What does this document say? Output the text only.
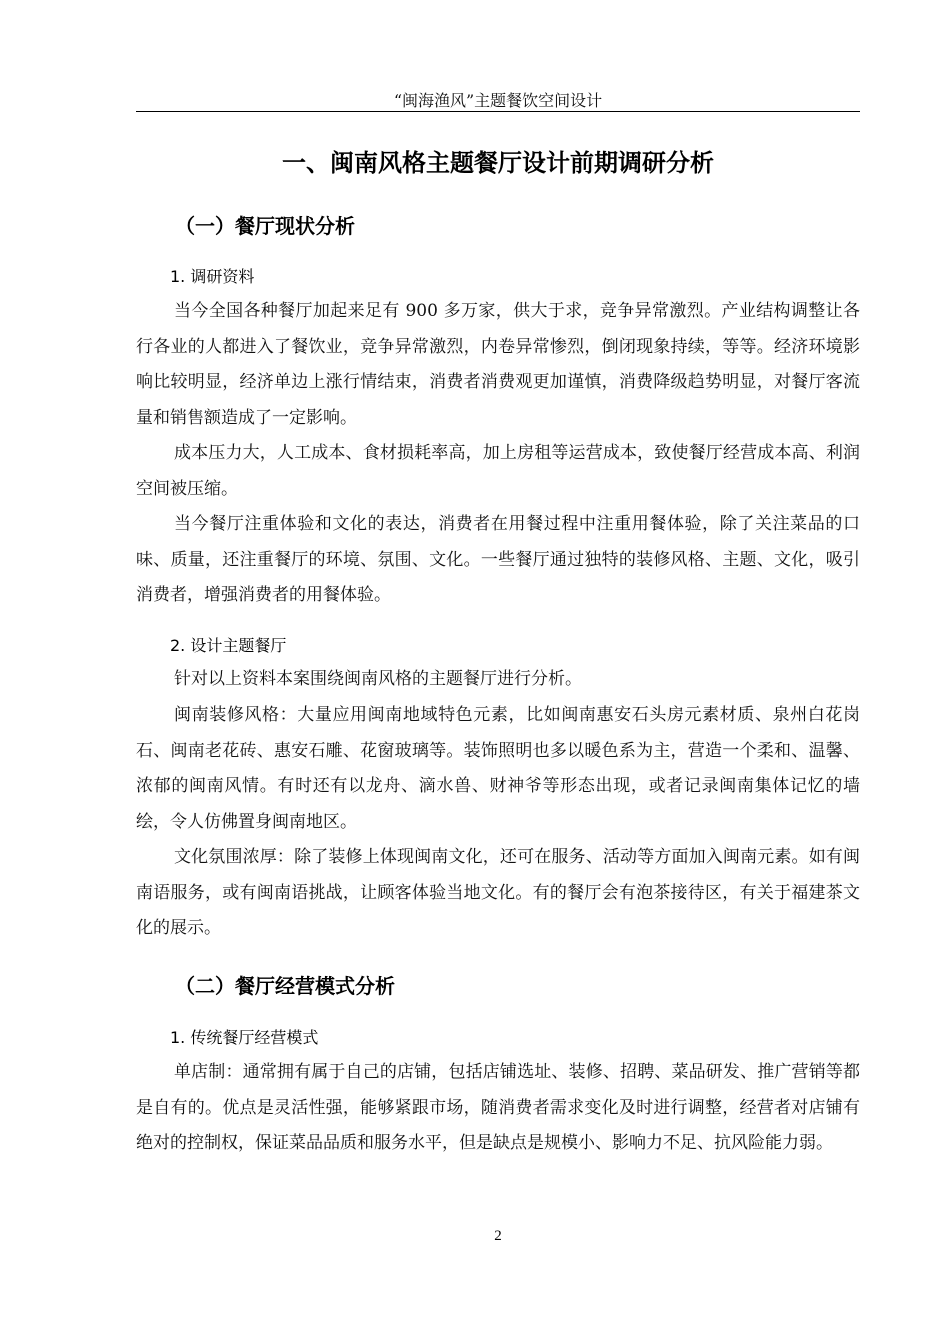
“闽海渔风”主题餐饮空间设计
一、闽南风格主题餐厅设计前期调研分析
（一）餐厅现状分析
1. 调研资料

当今全国各种餐厅加起来足有 900 多万家，供大于求，竞争异常激烈。产业结构调整让各行各业的人都进入了餐饮业，竞争异常激烈，内卷异常惨烈，倒闭现象持续，等等。经济环境影响比较明显，经济单边上涨行情结束，消费者消费观更加谨慎，消费降级趋势明显，对餐厅客流量和销售额造成了一定影响。

成本压力大，人工成本、食材损耗率高，加上房租等运营成本，致使餐厅经营成本高、利润空间被压缩。

当今餐厅注重体验和文化的表达，消费者在用餐过程中注重用餐体验，除了关注菜品的口味、质量，还注重餐厅的环境、氛围、文化。一些餐厅通过独特的装修风格、主题、文化，吸引消费者，增强消费者的用餐体验。

2. 设计主题餐厅

针对以上资料本案围绕闽南风格的主题餐厅进行分析。

闽南装修风格：大量应用闽南地域特色元素，比如闽南惠安石头房元素材质、泉州白花岗石、闽南老花砖、惠安石雕、花窗玻璃等。装饰照明也多以暖色系为主，营造一个柔和、温馨、浓郁的闽南风情。有时还有以龙舟、滴水兽、财神爷等形态出现，或者记录闽南集体记忆的墙绘，令人仿佛置身闽南地区。

文化氛围浓厚：除了装修上体现闽南文化，还可在服务、活动等方面加入闽南元素。如有闽南语服务，或有闽南语挑战，让顾客体验当地文化。有的餐厅会有泡茶接待区，有关于福建茶文化的展示。

（二）餐厅经营模式分析
1. 传统餐厅经营模式

单店制：通常拥有属于自己的店铺，包括店铺选址、装修、招聘、菜品研发、推广营销等都是自有的。优点是灵活性强，能够紧跟市场，随消费者需求变化及时进行调整，经营者对店铺有绝对的控制权，保证菜品品质和服务水平，但是缺点是规模小、影响力不足、抗风险能力弱。

2
